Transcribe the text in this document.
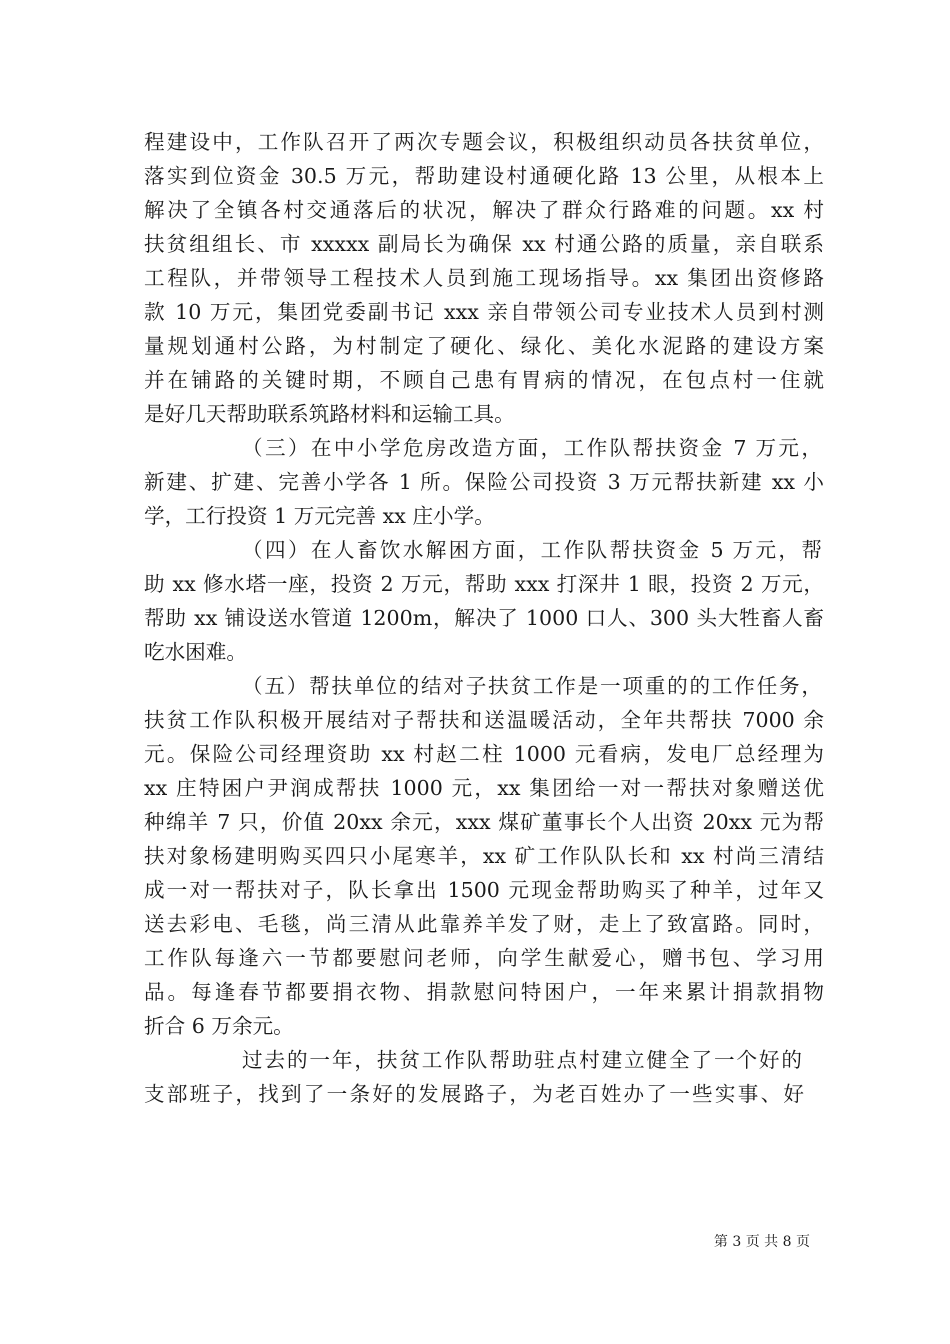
程建设中，工作队召开了两次专题会议，积极组织动员各扶贫单位，
落实到位资金 30.5 万元，帮助建设村通硬化路 13 公里，从根本上
解决了全镇各村交通落后的状况，解决了群众行路难的问题。xx 村
扶贫组组长、市 xxxxx 副局长为确保 xx 村通公路的质量，亲自联系
工程队，并带领导工程技术人员到施工现场指导。xx 集团出资修路
款 10 万元，集团党委副书记 xxx 亲自带领公司专业技术人员到村测
量规划通村公路，为村制定了硬化、绿化、美化水泥路的建设方案
并在铺路的关键时期，不顾自己患有胃病的情况，在包点村一住就
是好几天帮助联系筑路材料和运输工具。
（三）在中小学危房改造方面，工作队帮扶资金 7 万元，
新建、扩建、完善小学各 1 所。保险公司投资 3 万元帮扶新建 xx 小
学，工行投资 1 万元完善 xx 庄小学。
（四）在人畜饮水解困方面，工作队帮扶资金 5 万元，帮
助 xx 修水塔一座，投资 2 万元，帮助 xxx 打深井 1 眼，投资 2 万元，
帮助 xx 铺设送水管道 1200m，解决了 1000 口人、300 头大牲畜人畜
吃水困难。
（五）帮扶单位的结对子扶贫工作是一项重的的工作任务，
扶贫工作队积极开展结对子帮扶和送温暖活动，全年共帮扶 7000 余
元。保险公司经理资助 xx 村赵二柱 1000 元看病，发电厂总经理为
xx 庄特困户尹润成帮扶 1000 元，xx 集团给一对一帮扶对象赠送优
种绵羊 7 只，价值 20xx 余元，xxx 煤矿董事长个人出资 20xx 元为帮
扶对象杨建明购买四只小尾寒羊，xx 矿工作队队长和 xx 村尚三清结
成一对一帮扶对子，队长拿出 1500 元现金帮助购买了种羊，过年又
送去彩电、毛毯，尚三清从此靠养羊发了财，走上了致富路。同时，
工作队每逢六一节都要慰问老师，向学生献爱心，赠书包、学习用
品。每逢春节都要捐衣物、捐款慰问特困户，一年来累计捐款捐物
折合 6 万余元。
过去的一年，扶贫工作队帮助驻点村建立健全了一个好的
支部班子，找到了一条好的发展路子，为老百姓办了一些实事、好
第 3 页 共 8 页
